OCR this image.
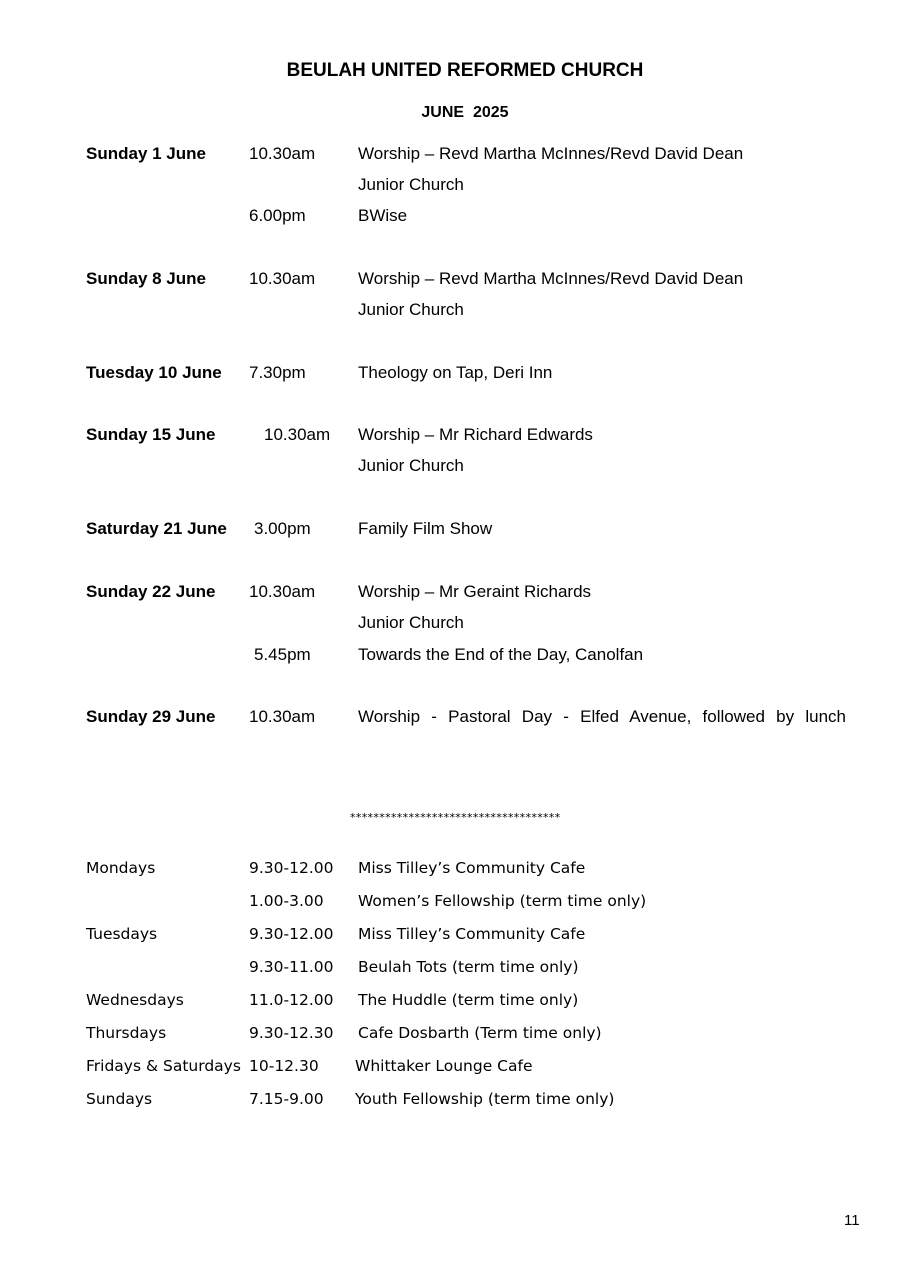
BEULAH UNITED REFORMED CHURCH
JUNE  2025
Sunday 1 June	10.30am	Worship – Revd Martha McInnes/Revd David Dean
Junior Church
6.00pm	BWise
Sunday 8 June	10.30am	Worship – Revd Martha McInnes/Revd David Dean
Junior Church
Tuesday 10 June 7.30pm	Theology on Tap, Deri Inn
Sunday 15 June	10.30am Worship – Mr Richard Edwards
Junior Church
Saturday 21 June 3.00pm	Family Film Show
Sunday 22 June 10.30am	Worship – Mr Geraint Richards
Junior Church
5.45pm	Towards the End of the Day, Canolfan
Sunday 29 June 10.30am	Worship - Pastoral Day - Elfed Avenue, followed by lunch
************************************
Mondays	9.30-12.00 Miss Tilley’s Community Cafe
1.00-3.00 Women’s Fellowship (term time only)
Tuesdays	9.30-12.00 Miss Tilley’s Community Cafe
9.30-11.00 Beulah Tots (term time only)
Wednesdays	11.0-12.00 The Huddle (term time only)
Thursdays	9.30-12.30 Cafe Dosbarth (Term time only)
Fridays & Saturdays 10-12.30 Whittaker Lounge Cafe
Sundays	7.15-9.00 Youth Fellowship (term time only)
11
